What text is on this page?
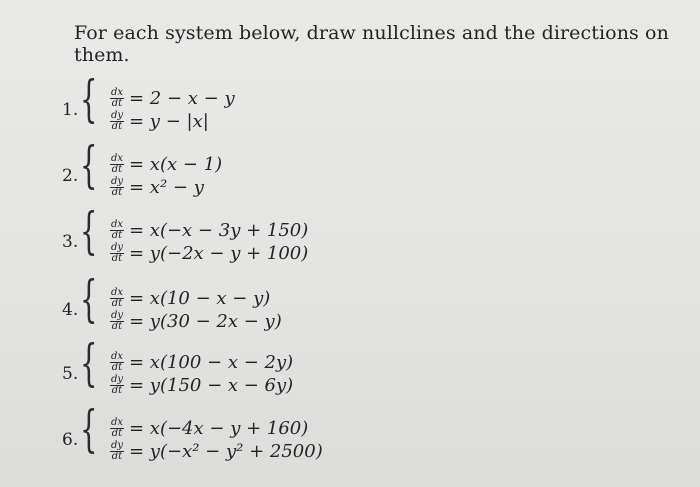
For each system below, draw nullclines and the directions on them.
1. { $\frac{dx}{dt} = 2 - x - y$
$\frac{dy}{dt} = y - |x|$
2. { $\frac{dx}{dt} = x(x - 1)$
$\frac{dy}{dt} = x^2 - y$
3. { $\frac{dx}{dt} = x(-x - 3y + 150)$
$\frac{dy}{dt} = y(-2x - y + 100)$
4. { $\frac{dx}{dt} = x(10 - x - y)$
$\frac{dy}{dt} = y(30 - 2x - y)$
5. { $\frac{dx}{dt} = x(100 - x - 2y)$
$\frac{dy}{dt} = y(150 - x - 6y)$
6. { $\frac{dx}{dt} = x(-4x - y + 160)$
$\frac{dy}{dt} = y(-x^2 - y^2 + 2500)$
